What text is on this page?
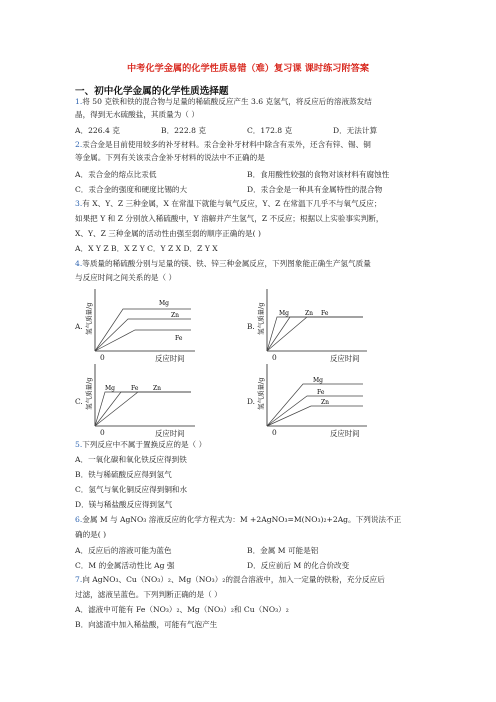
中考化学金属的化学性质易错（难）复习课 课时练习附答案
一、初中化学金属的化学性质选择题
1.将 50 克铁和铁的混合物与足量的稀硫酸反应产生 3.6 克氢气，将反应后的溶液蒸发结
晶，得到无水硫酸盐，其质量为（ ）
A．226.4 克	B．222.8 克	C．172.8 克	D．无法计算
2.汞合金是目前使用较多的补牙材料。汞合金补牙材料中除含有汞外，还含有锌、锡、铜
等金属。下列有关该汞合金补牙材料的说法中不正确的是
A．汞合金的熔点比汞低	B．食用酸性较强的食物对该材料有腐蚀性
C．汞合金的强度和硬度比锡的大	D．汞合金是一种具有金属特性的混合物
3.有 X、Y、Z 三种金属，X 在常温下就能与氧气反应，Y、Z 在常温下几乎不与氧气反应；
如果把 Y 和 Z 分别放入稀硫酸中，Y 溶解并产生氢气，Z 不反应；根据以上实验事实判断，
X、Y、Z 三种金属的活动性由强至弱的顺序正确的是( )
A．X Y Z B．X Z Y C．Y Z X D．Z Y X
4.等质量的稀硫酸分别与足量的镁、铁、锌三种金属反应，下列图象能正确生产氢气质量
与反应时间之间关系的是（ ）
A. 氢气质量/g	Mg
Zn
Fe
0	反应时间
B. 氢气质量/g Mg	Zn Fe
0	反应时间
C. 氢气质量/g Mg	Fe Zn
0	反应时间
D. 氢气质量/g	Mg
Fe
Zn
0	反应时间
5.下列反应中不属于置换反应的是（ ）
A．一氧化碳和氧化铁反应得到铁
B．铁与稀硫酸反应得到氢气
C．氢气与氧化铜反应得到铜和水
D．镁与稀盐酸反应得到氢气
6.金属 M 与 AgNO₃ 溶液反应的化学方程式为：M +2AgNO₃=M(NO₃)₂+2Ag。下列说法不正
确的是( )
A．反应后的溶液可能为蓝色	B．金属 M 可能是铝
C．M 的金属活动性比 Ag 强	D．反应前后 M 的化合价改变
7.向 AgNO₃、Cu（NO₃）₂、Mg（NO₃）₂的混合溶液中，加入一定量的铁粉，充分反应后
过滤，滤液呈蓝色。下列判断正确的是（ ）
A．滤液中可能有 Fe（NO₃）₂、Mg（NO₃）₂和 Cu（NO₃）₂
B．向滤渣中加入稀盐酸，可能有气泡产生
